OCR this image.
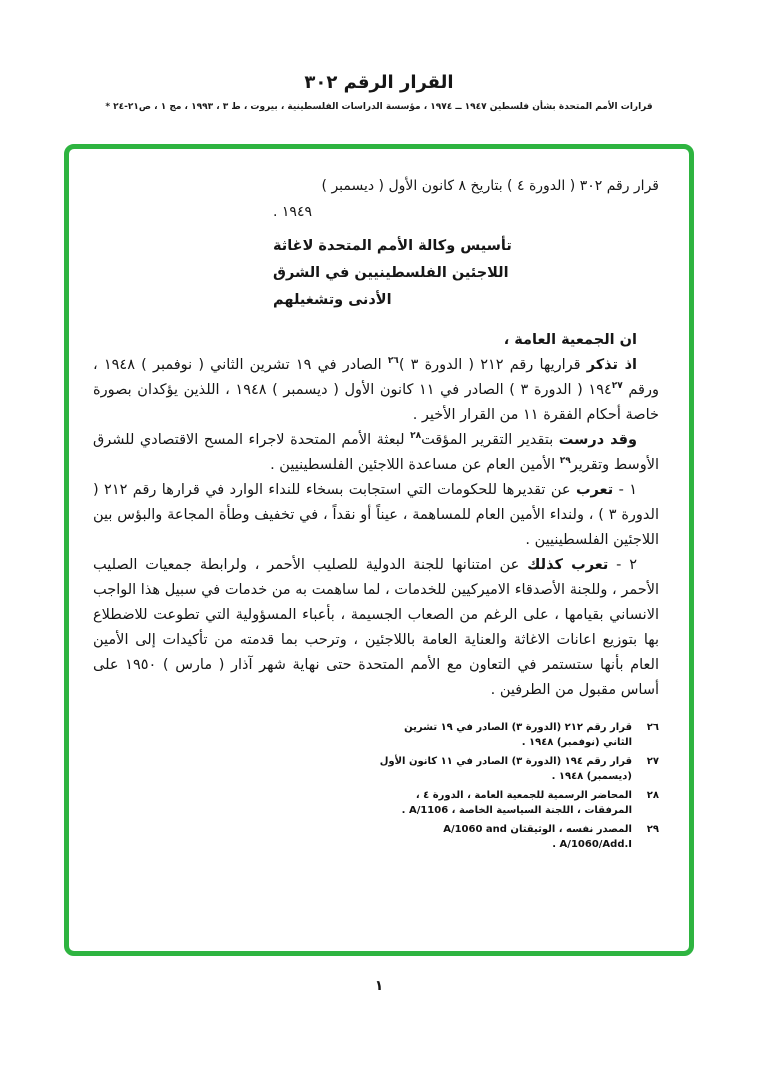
القرار الرقم ٣٠٢
قرارات الأمم المتحدة بشأن فلسطين ١٩٤٧ ــ ١٩٧٤ ، مؤسسة الدراسات الفلسطينية ، بيروت ، ط ٣ ، ١٩٩٣ ، مج ١ ، ص٢١-٢٤ *
قرار رقم ٣٠٢ ( الدورة ٤ ) بتاريخ ٨ كانون الأول ( ديسمبر )
١٩٤٩ .
تأسيس وكالة الأمم المتحدة لاغاثة
اللاجئين الفلسطينيين في الشرق
الأدنى وتشغيلهم

ان الجمعية العامة ،

اذ تذكر قراريها رقم ٢١٢ ( الدورة ٣ )$^{٢٦}$ الصادر في ١٩ تشرين الثاني ( نوفمبر ) ١٩٤٨ ، ورقم $١٩٤^{٢٧}$ ( الدورة ٣ ) الصادر في ١١ كانون الأول ( ديسمبر ) ١٩٤٨ ، اللذين يؤكدان بصورة خاصة أحكام الفقرة ١١ من القرار الأخير .

وقد درست بتقدير التقرير المؤقت$^{٢٨}$ لبعثة الأمم المتحدة لاجراء المسح الاقتصادي للشرق الأوسط وتقرير$^{٢٩}$ الأمين العام عن مساعدة اللاجئين الفلسطينيين .

١ - تعرب عن تقديرها للحكومات التي استجابت بسخاء للنداء الوارد في قرارها رقم ٢١٢ ( الدورة ٣ ) ، ولنداء الأمين العام للمساهمة ، عيناً أو نقداً ، في تخفيف وطأة المجاعة والبؤس بين اللاجئين الفلسطينيين .

٢ - تعرب كذلك عن امتنانها للجنة الدولية للصليب الأحمر ، ولرابطة جمعيات الصليب الأحمر ، وللجنة الأصدقاء الاميركيين للخدمات ، لما ساهمت به من خدمات في سبيل هذا الواجب الانساني بقيامها ، على الرغم من الصعاب الجسيمة ، بأعباء المسؤولية التي تطوعت للاضطلاع بها بتوزيع اعانات الاغاثة والعناية العامة باللاجئين ، وترحب بما قدمته من تأكيدات إلى الأمين العام بأنها ستستمر في التعاون مع الأمم المتحدة حتى نهاية شهر آذار ( مارس ) ١٩٥٠ على أساس مقبول من الطرفين .

٢٦
قرار رقم ٢١٢ (الدورة ٣) الصادر في ١٩ تشرين الثاني (نوفمبر) ١٩٤٨ .
٢٧
قرار رقم ١٩٤ (الدورة ٣) الصادر في ١١ كانون الأول (ديسمبر) ١٩٤٨ .
٢٨
المحاضر الرسمية للجمعية العامة ، الدورة ٤ ، المرفقات ، اللجنة السياسية الخاصة ، A/1106 .
٢٩
المصدر نفسه ، الوثيقتان A/1060 and A/1060/Add.I .
١
